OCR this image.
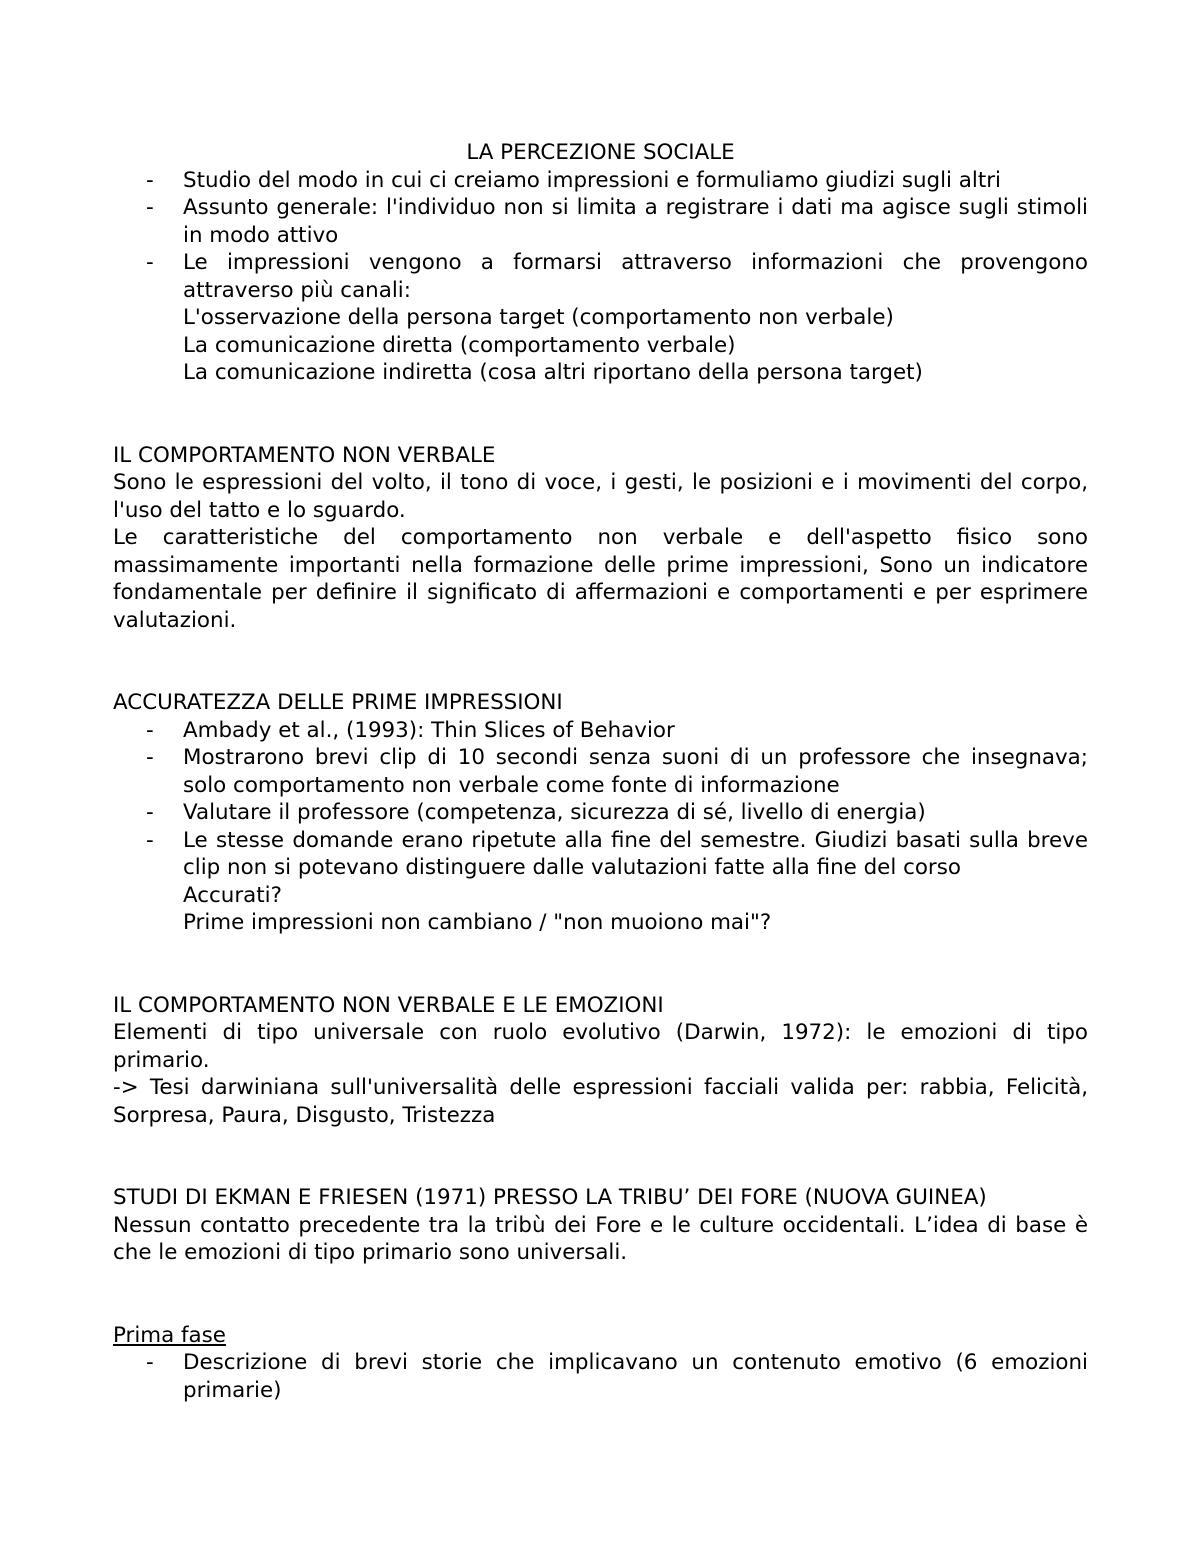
LA PERCEZIONE SOCIALE

- Studio del modo in cui ci creiamo impressioni e formuliamo giudizi sugli altri
- Assunto generale: l'individuo non si limita a registrare i dati ma agisce sugli stimoli in modo attivo
- Le impressioni vengono a formarsi attraverso informazioni che provengono attraverso più canali:
L'osservazione della persona target (comportamento non verbale)
La comunicazione diretta (comportamento verbale)
La comunicazione indiretta (cosa altri riportano della persona target)

IL COMPORTAMENTO NON VERBALE

Sono le espressioni del volto, il tono di voce, i gesti, le posizioni e i movimenti del corpo, l'uso del tatto e lo sguardo.

Le caratteristiche del comportamento non verbale e dell'aspetto fisico sono massimamente importanti nella formazione delle prime impressioni, Sono un indicatore fondamentale per definire il significato di affermazioni e comportamenti e per esprimere valutazioni.

ACCURATEZZA DELLE PRIME IMPRESSIONI

- Ambady et al., (1993): Thin Slices of Behavior
- Mostrarono brevi clip di 10 secondi senza suoni di un professore che insegnava; solo comportamento non verbale come fonte di informazione
- Valutare il professore (competenza, sicurezza di sé, livello di energia)
- Le stesse domande erano ripetute alla fine del semestre. Giudizi basati sulla breve clip non si potevano distinguere dalle valutazioni fatte alla fine del corso
Accurati?
Prime impressioni non cambiano / "non muoiono mai"?

IL COMPORTAMENTO NON VERBALE E LE EMOZIONI

Elementi di tipo universale con ruolo evolutivo (Darwin, 1972): le emozioni di tipo primario.

-> Tesi darwiniana sull'universalità delle espressioni facciali valida per: rabbia, Felicità, Sorpresa, Paura, Disgusto, Tristezza

STUDI DI EKMAN E FRIESEN (1971) PRESSO LA TRIBU’ DEI FORE (NUOVA GUINEA)

Nessun contatto precedente tra la tribù dei Fore e le culture occidentali. L’idea di base è che le emozioni di tipo primario sono universali.

Prima fase

- Descrizione di brevi storie che implicavano un contenuto emotivo (6 emozioni primarie)
